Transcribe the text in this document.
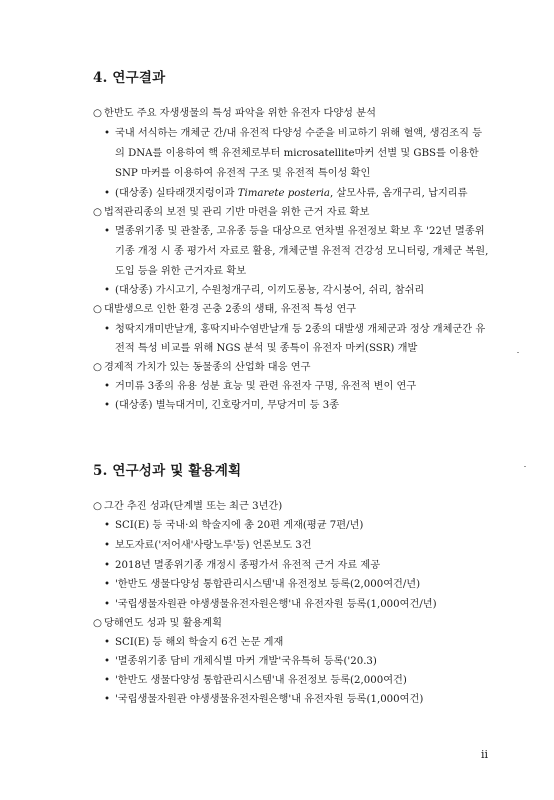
4. 연구결과
○ 한반도 주요 자생생물의 특성 파악을 위한 유전자 다양성 분석
• 국내 서식하는 개체군 간/내 유전적 다양성 수준을 비교하기 위해 혈액, 생검조직 등
의 DNA를 이용하여 핵 유전체로부터 microsatellite마커 선별 및 GBS를 이용한
SNP 마커를 이용하여 유전적 구조 및 유전적 특이성 확인
• (대상종) 실타래갯지렁이과 Timarete posteria, 살모사류, 옴개구리, 납지리류
○ 법적관리종의 보전 및 관리 기반 마련을 위한 근거 자료 확보
• 멸종위기종 및 관찰종, 고유종 등을 대상으로 연차별 유전정보 확보 후 '22년 멸종위
기종 개정 시 종 평가서 자료로 활용, 개체군별 유전적 건강성 모니터링, 개체군 복원,
도입 등을 위한 근거자료 확보
• (대상종) 가시고기, 수원청개구리, 이끼도롱뇽, 각시붕어, 쉬리, 참쉬리
○ 대발생으로 인한 환경 곤충 2종의 생태, 유전적 특성 연구
• 청딱지개미반날개, 홍딱지바수염반날개 등 2종의 대발생 개체군과 정상 개체군간 유
전적 특성 비교를 위해 NGS 분석 및 종특이 유전자 마커(SSR) 개발
○ 경제적 가치가 있는 동물종의 산업화 대응 연구
• 거미류 3종의 유용 성분 효능 및 관련 유전자 구명, 유전적 변이 연구
• (대상종) 별늑대거미, 긴호랑거미, 무당거미 등 3종
5. 연구성과 및 활용계획
○ 그간 추진 성과(단계별 또는 최근 3년간)
• SCI(E) 등 국내·외 학술지에 총 20편 게재(평균 7편/년)
• 보도자료('저어새'사랑노루'등) 언론보도 3건
• 2018년 멸종위기종 개정시 종평가서 유전적 근거 자료 제공
• '한반도 생물다양성 통합관리시스템'내 유전정보 등록(2,000여건/년)
• '국립생물자원관 야생생물유전자원은행'내 유전자원 등록(1,000여건/년)
○ 당해연도 성과 및 활용계획
• SCI(E) 등 해외 학술지 6건 논문 게재
• '멸종위기종 담비 개체식별 마커 개발'국유특허 등록('20.3)
• '한반도 생물다양성 통합관리시스템'내 유전정보 등록(2,000여건)
• '국립생물자원관 야생생물유전자원은행'내 유전자원 등록(1,000여건)
ii
